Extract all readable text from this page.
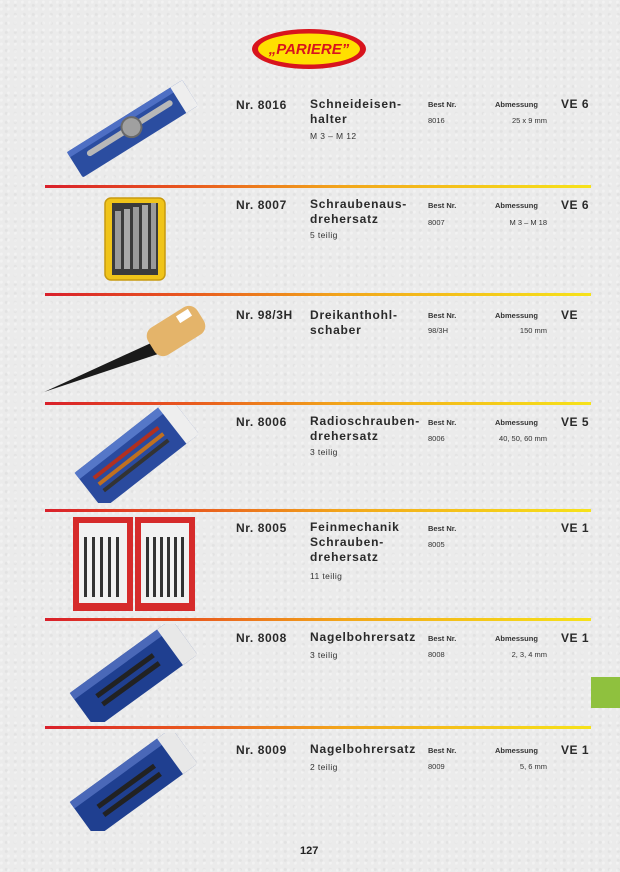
„PARIERE”
Nr. 8016 Schneideisen-
halter
M 3 – M 12
Best Nr.	Abmessung
8016	25 x 9 mm
VE 6
Nr. 8007 Schraubenaus-
drehersatz
5 teilig
Best Nr.	Abmessung
8007	M 3 – M 18
VE 6
Nr. 98/3H Dreikanthohl-
schaber
Best Nr.	Abmessung
98/3H	150 mm
VE
Nr. 8006 Radioschrauben-
drehersatz
3 teilig
Best Nr.	Abmessung
8006	40, 50, 60 mm
VE 5
Nr. 8005 Feinmechanik
Schrauben-
drehersatz
11 teilig
Best Nr.
8005
VE 1
Nr. 8008 Nagelbohrersatz
3 teilig
Best Nr.	Abmessung
8008	2, 3, 4 mm
VE 1
Nr. 8009 Nagelbohrersatz
2 teilig
Best Nr.	Abmessung
8009	5, 6 mm
VE 1
127
